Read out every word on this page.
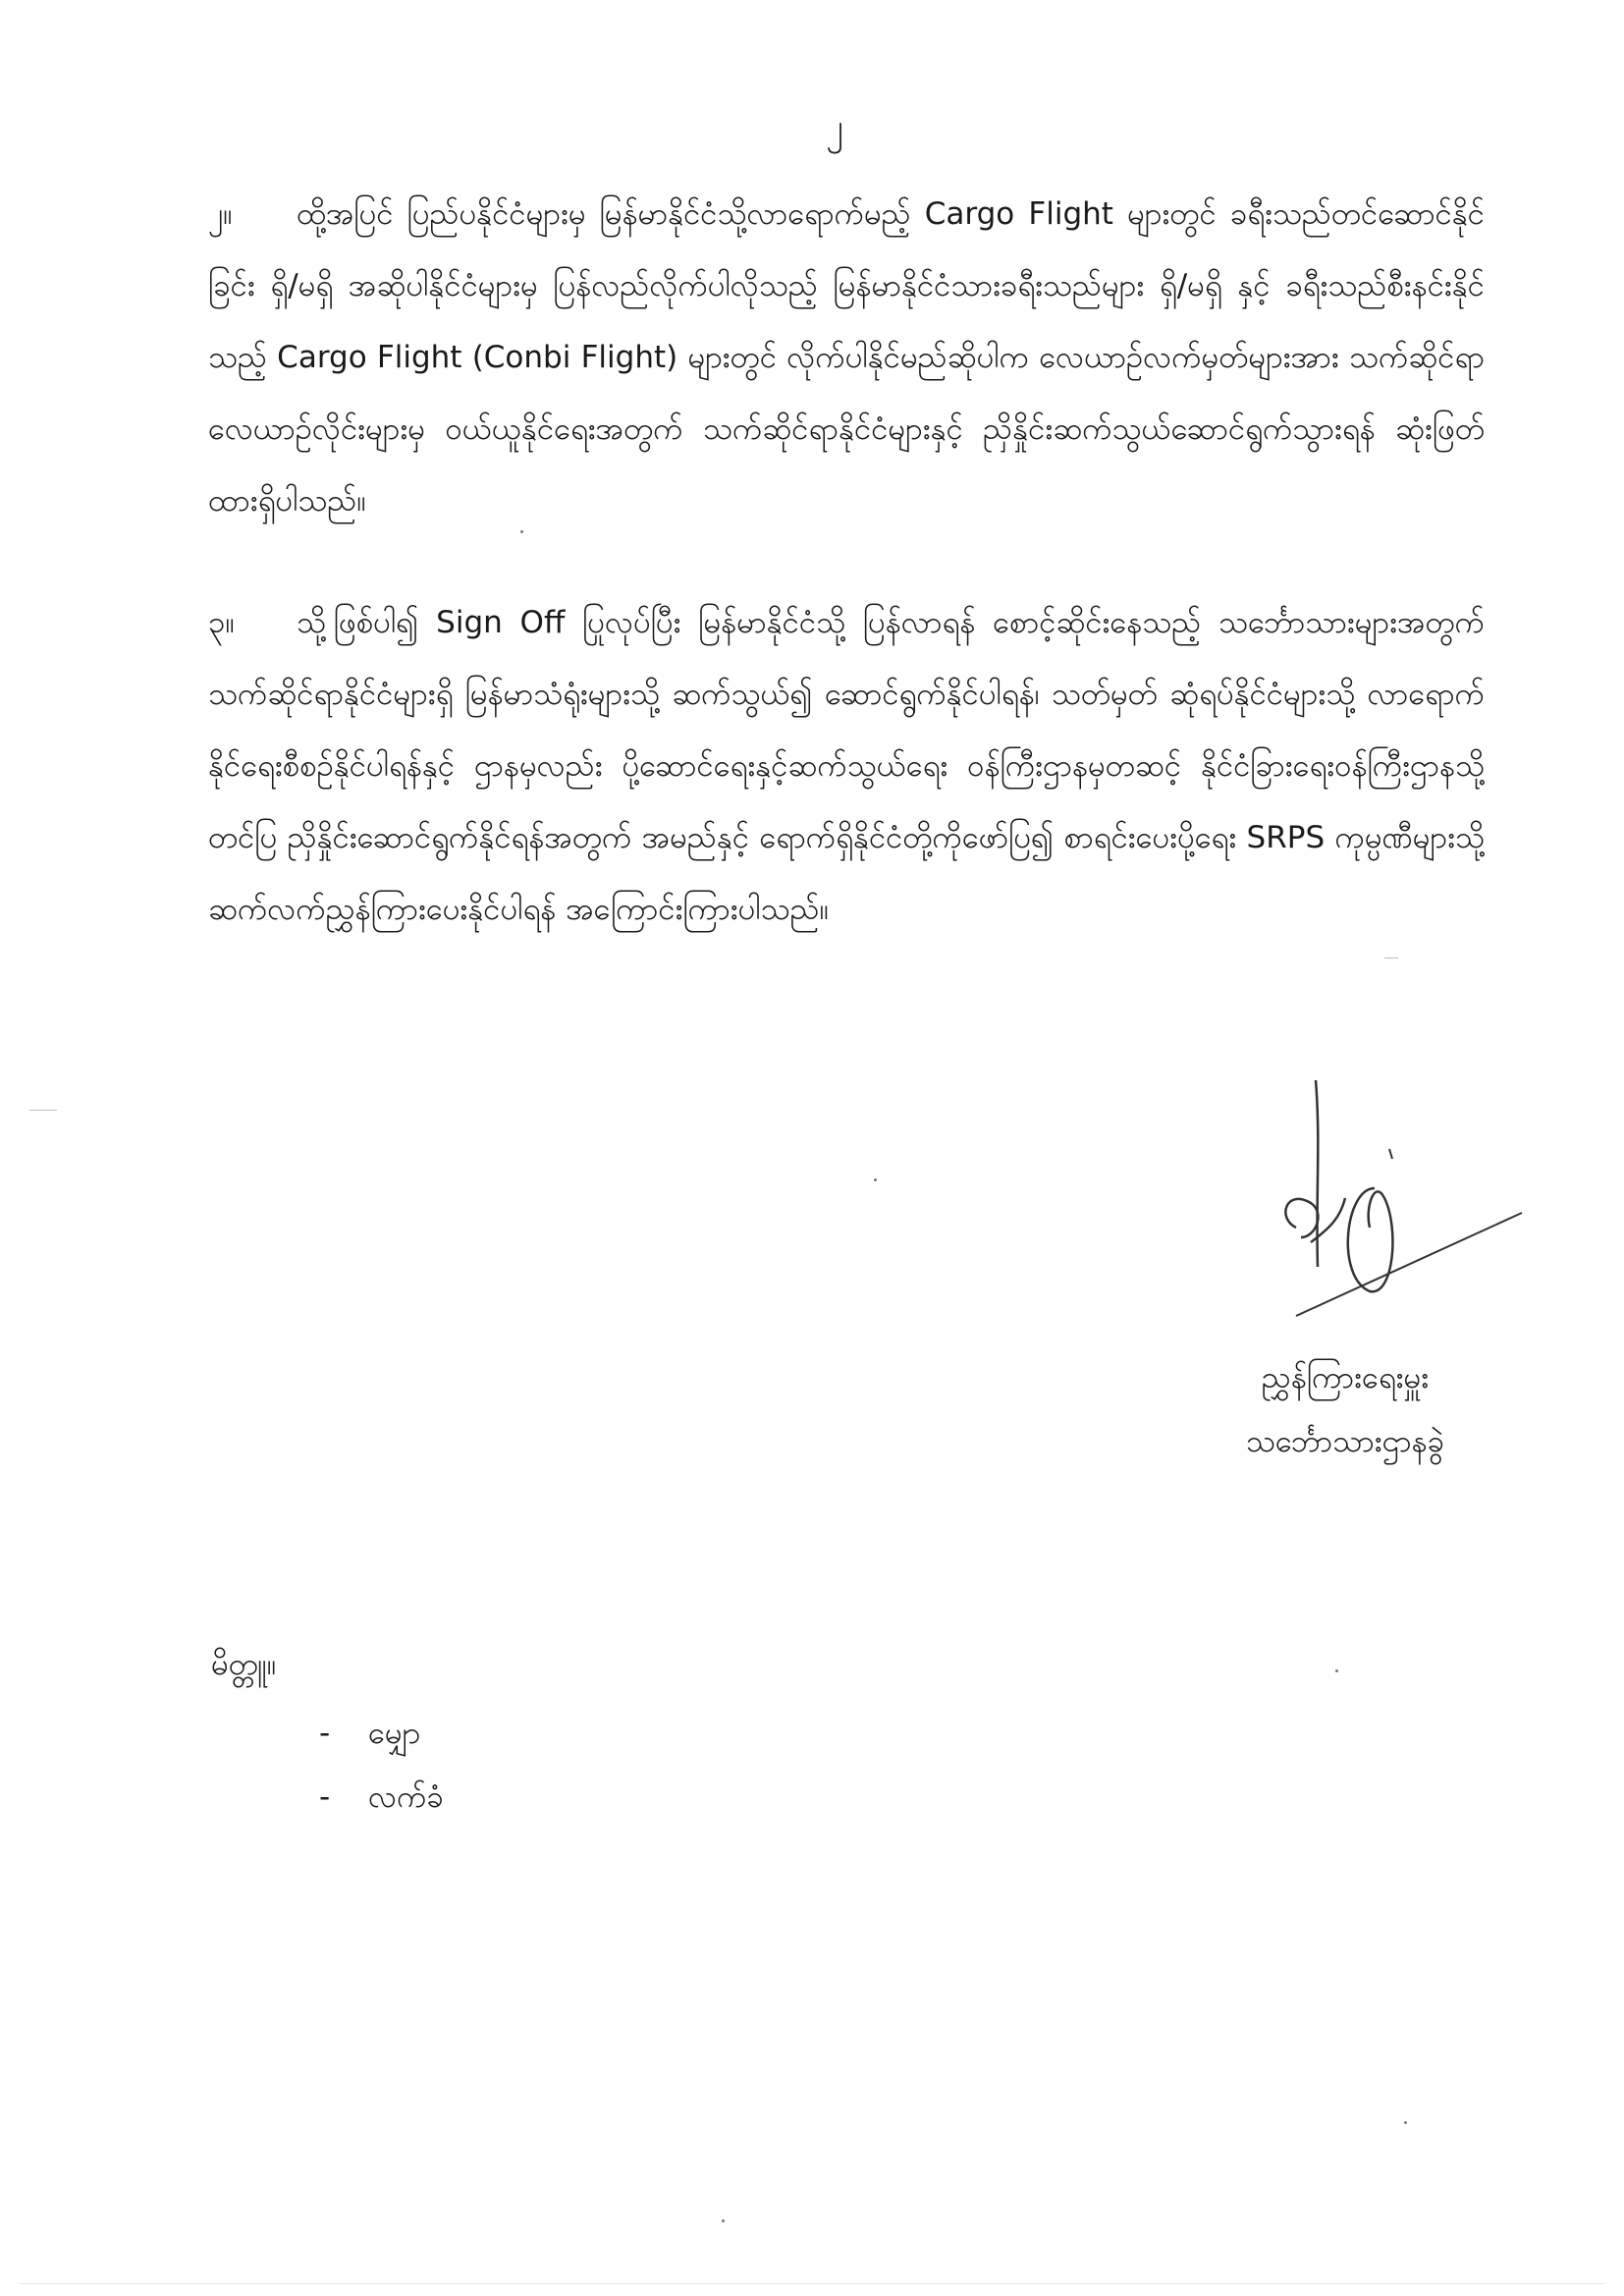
၂
၂။ ထို့အပြင် ပြည်ပနိုင်ငံများမှ မြန်မာနိုင်ငံသို့လာရောက်မည့် Cargo Flight များတွင် ခရီးသည်တင်ဆောင်နိုင်ခြင်း ရှိ/မရှိ အဆိုပါနိုင်ငံများမှ ပြန်လည်လိုက်ပါလိုသည့် မြန်မာနိုင်ငံသားခရီးသည်များ ရှိ/မရှိ နှင့် ခရီးသည်စီးနင်းနိုင်သည့် Cargo Flight (Conbi Flight) များတွင် လိုက်ပါနိုင်မည်ဆိုပါက လေယာဉ်လက်မှတ်များအား သက်ဆိုင်ရာလေယာဉ်လိုင်းများမှ ဝယ်ယူနိုင်ရေးအတွက် သက်ဆိုင်ရာနိုင်ငံများနှင့် ညှိနှိုင်းဆက်သွယ်ဆောင်ရွက်သွားရန် ဆုံးဖြတ်ထားရှိပါသည်။
၃။ သို့ဖြစ်ပါ၍ Sign Off ပြုလုပ်ပြီး မြန်မာနိုင်ငံသို့ ပြန်လာရန် စောင့်ဆိုင်းနေသည့် သင်္ဘောသားများအတွက် သက်ဆိုင်ရာနိုင်ငံများရှိ မြန်မာသံရုံးများသို့ ဆက်သွယ်၍ ဆောင်ရွက်နိုင်ပါရန်၊ သတ်မှတ် ဆုံရပ်နိုင်ငံများသို့ လာရောက်နိုင်ရေးစီစဉ်နိုင်ပါရန်နှင့် ဌာနမှလည်း ပို့ဆောင်ရေးနှင့်ဆက်သွယ်ရေး ဝန်ကြီးဌာနမှတဆင့် နိုင်ငံခြားရေးဝန်ကြီးဌာနသို့ တင်ပြ ညှိနှိုင်းဆောင်ရွက်နိုင်ရန်အတွက် အမည်နှင့် ရောက်ရှိနိုင်ငံတို့ကိုဖော်ပြ၍ စာရင်းပေးပို့ရေး SRPS ကုမ္ပဏီများသို့ ဆက်လက်ညွှန်ကြားပေးနိုင်ပါရန် အကြောင်းကြားပါသည်။
ညွှန်ကြားရေးမှူး
သင်္ဘောသားဌာနခွဲ
မိတ္တူ။
- မျှော
- လက်ခံ
